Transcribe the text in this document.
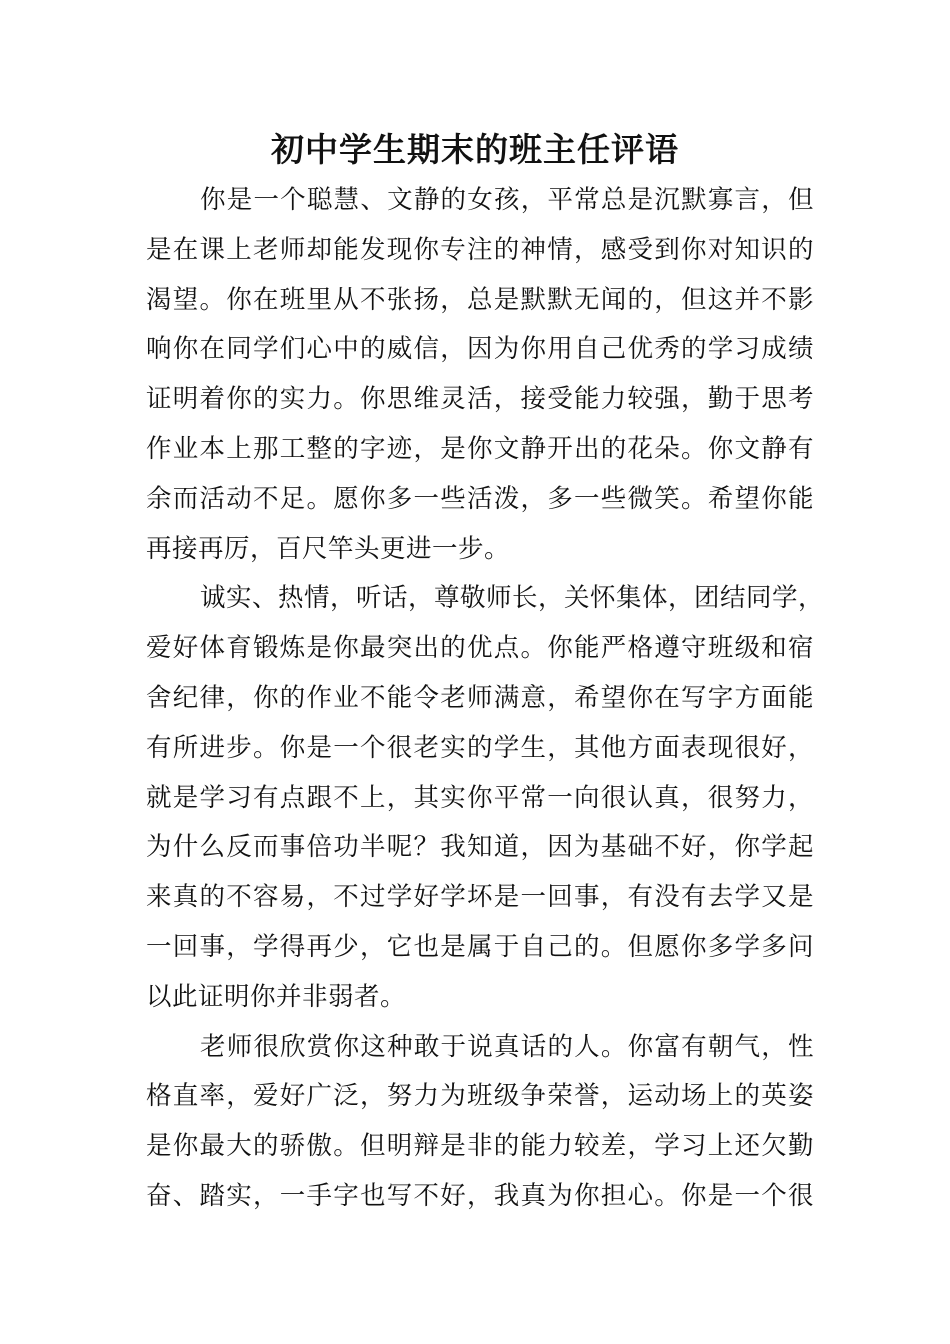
初中学生期末的班主任评语
你是一个聪慧、文静的女孩，平常总是沉默寡言，但
是在课上老师却能发现你专注的神情，感受到你对知识的
渴望。你在班里从不张扬，总是默默无闻的，但这并不影
响你在同学们心中的威信，因为你用自己优秀的学习成绩
证明着你的实力。你思维灵活，接受能力较强，勤于思考
作业本上那工整的字迹，是你文静开出的花朵。你文静有
余而活动不足。愿你多一些活泼，多一些微笑。希望你能
再接再厉，百尺竿头更进一步。
诚实、热情，听话，尊敬师长，关怀集体，团结同学，
爱好体育锻炼是你最突出的优点。你能严格遵守班级和宿
舍纪律，你的作业不能令老师满意，希望你在写字方面能
有所进步。你是一个很老实的学生，其他方面表现很好，
就是学习有点跟不上，其实你平常一向很认真，很努力，
为什么反而事倍功半呢？我知道，因为基础不好，你学起
来真的不容易，不过学好学坏是一回事，有没有去学又是
一回事，学得再少，它也是属于自己的。但愿你多学多问
以此证明你并非弱者。
老师很欣赏你这种敢于说真话的人。你富有朝气，性
格直率，爱好广泛，努力为班级争荣誉，运动场上的英姿
是你最大的骄傲。但明辩是非的能力较差，学习上还欠勤
奋、踏实，一手字也写不好，我真为你担心。你是一个很
